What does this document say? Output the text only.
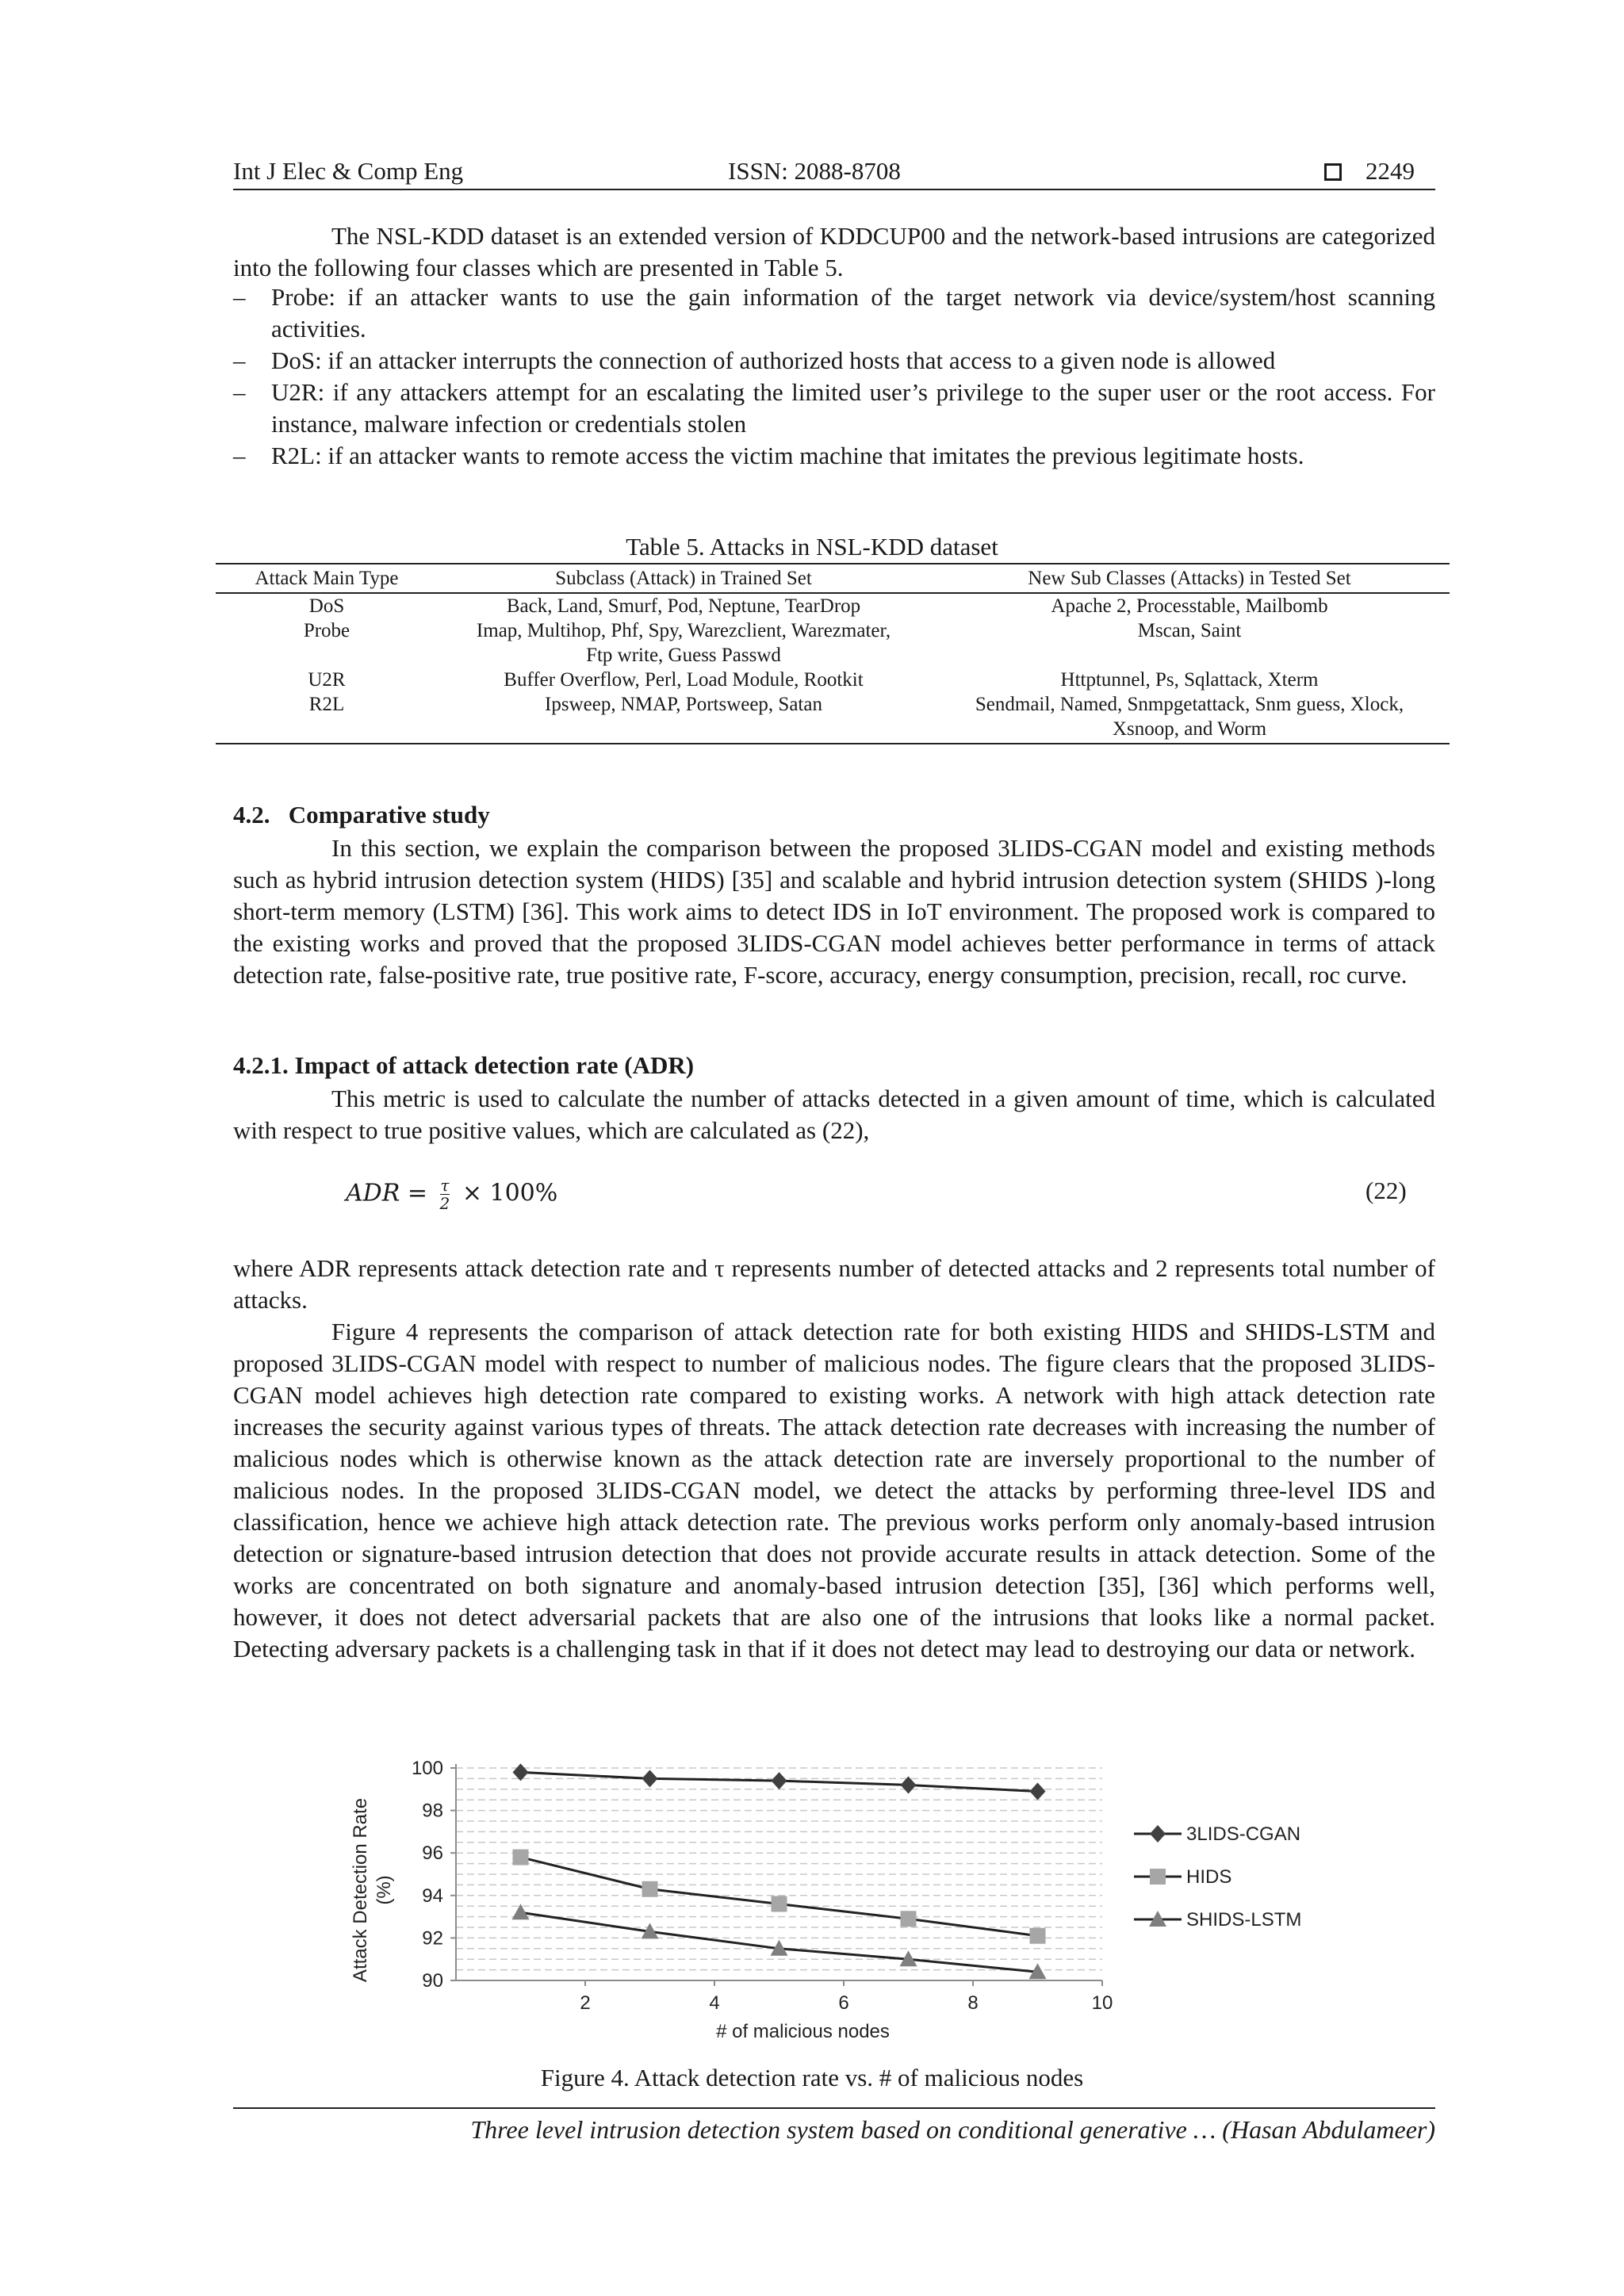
Int J Elec & Comp Eng	ISSN: 2088-8708	2249
The NSL-KDD dataset is an extended version of KDDCUP00 and the network-based intrusions are categorized into the following four classes which are presented in Table 5.
– Probe: if an attacker wants to use the gain information of the target network via device/system/host scanning activities.
– DoS: if an attacker interrupts the connection of authorized hosts that access to a given node is allowed
– U2R: if any attackers attempt for an escalating the limited user’s privilege to the super user or the root access. For instance, malware infection or credentials stolen
– R2L: if an attacker wants to remote access the victim machine that imitates the previous legitimate hosts.
Table 5. Attacks in NSL-KDD dataset
Attack Main Type	Subclass (Attack) in Trained Set	New Sub Classes (Attacks) in Tested Set
DoS	Back, Land, Smurf, Pod, Neptune, TearDrop	Apache 2, Processtable, Mailbomb
Probe	Imap, Multihop, Phf, Spy, Warezclient, Warezmater, Ftp write, Guess Passwd	Mscan, Saint
U2R	Buffer Overflow, Perl, Load Module, Rootkit	Httptunnel, Ps, Sqlattack, Xterm
R2L	Ipsweep, NMAP, Portsweep, Satan	Sendmail, Named, Snmpgetattack, Snm guess, Xlock, Xsnoop, and Worm
4.2.   Comparative study
In this section, we explain the comparison between the proposed 3LIDS-CGAN model and existing methods such as hybrid intrusion detection system (HIDS) [35] and scalable and hybrid intrusion detection system (SHIDS )-long short-term memory (LSTM) [36]. This work aims to detect IDS in IoT environment. The proposed work is compared to the existing works and proved that the proposed 3LIDS-CGAN model achieves better performance in terms of attack detection rate, false-positive rate, true positive rate, F-score, accuracy, energy consumption, precision, recall, roc curve.
4.2.1. Impact of attack detection rate (ADR)
This metric is used to calculate the number of attacks detected in a given amount of time, which is calculated with respect to true positive values, which are calculated as (22),
ADR = $\frac{\tau}{2} \times 100\%$	(22)
where ADR represents attack detection rate and τ represents number of detected attacks and 2 represents total number of attacks.
Figure 4 represents the comparison of attack detection rate for both existing HIDS and SHIDS-LSTM and proposed 3LIDS-CGAN model with respect to number of malicious nodes. The figure clears that the proposed 3LIDS-CGAN model achieves high detection rate compared to existing works. A network with high attack detection rate increases the security against various types of threats. The attack detection rate decreases with increasing the number of malicious nodes which is otherwise known as the attack detection rate are inversely proportional to the number of malicious nodes. In the proposed 3LIDS-CGAN model, we detect the attacks by performing three-level IDS and classification, hence we achieve high attack detection rate. The previous works perform only anomaly-based intrusion detection or signature-based intrusion detection that does not provide accurate results in attack detection. Some of the works are concentrated on both signature and anomaly-based intrusion detection [35], [36] which performs well, however, it does not detect adversarial packets that are also one of the intrusions that looks like a normal packet. Detecting adversary packets is a challenging task in that if it does not detect may lead to destroying our data or network.
90
92
94
96
98
100
2	4	6	8	10
Attack Detection Rate (%)
# of malicious nodes
3LIDS-CGAN
HIDS
SHIDS-LSTM
Figure 4. Attack detection rate vs. # of malicious nodes
Three level intrusion detection system based on conditional generative … (Hasan Abdulameer)
